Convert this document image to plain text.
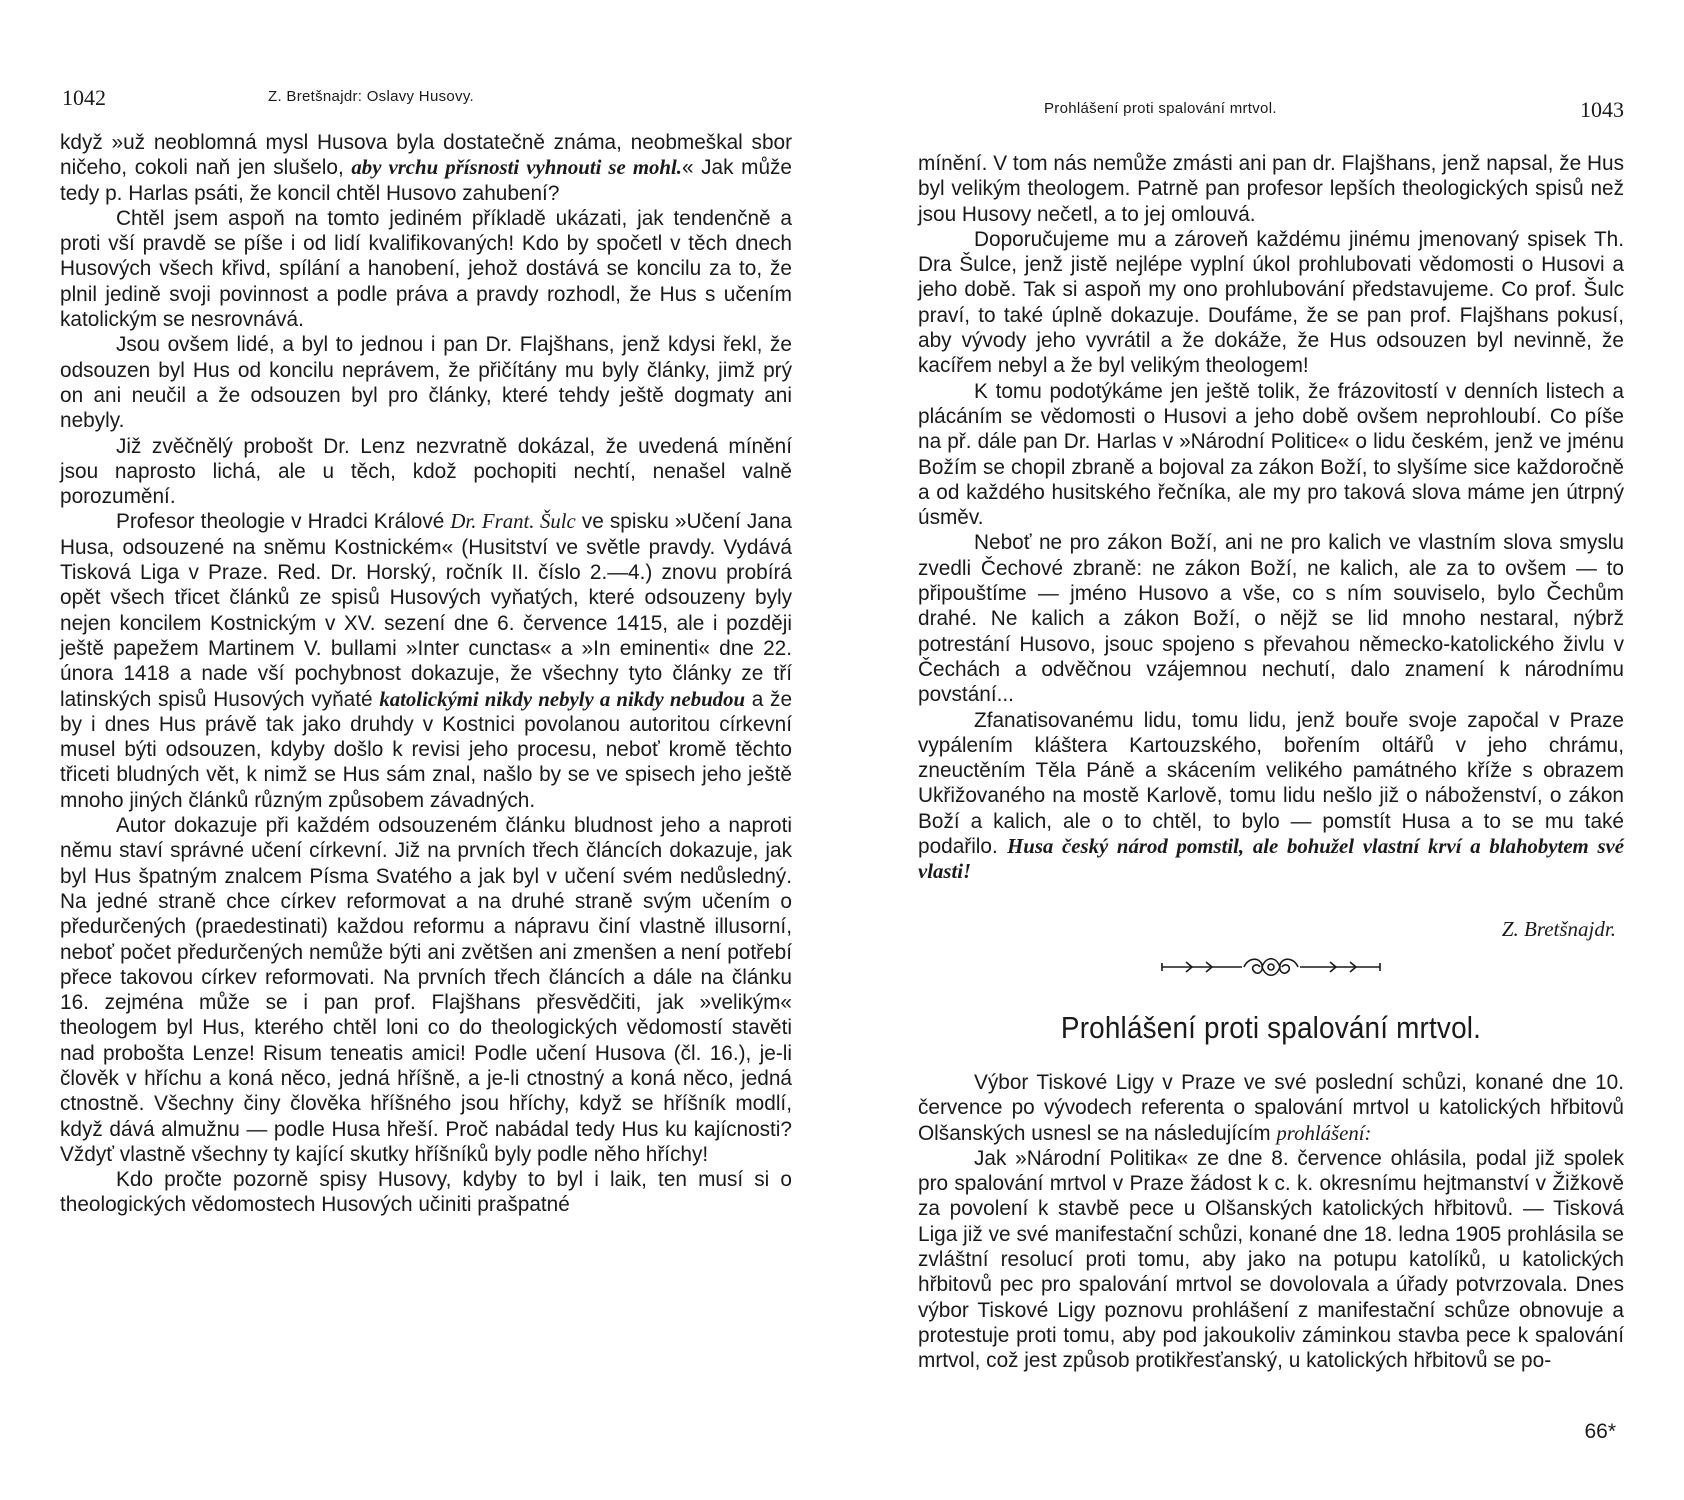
1042	Z. Bretšnajdr: Oslavy Husovy.

když »už neoblomná mysl Husova byla dostatečně známa, neobmeškal sbor ničeho, cokoli naň jen slušelo, aby vrchu přísnosti vyhnouti se mohl.« Jak může tedy p. Harlas psáti, že koncil chtěl Husovo zahubení?

Chtěl jsem aspoň na tomto jediném příkladě ukázati, jak tendenčně a proti vší pravdě se píše i od lidí kvalifikovaných! Kdo by spočetl v těch dnech Husových všech křivd, spílání a hanobení, jehož dostává se koncilu za to, že plnil jedině svoji povinnost a podle práva a pravdy rozhodl, že Hus s učením katolickým se nesrovnává.

Jsou ovšem lidé, a byl to jednou i pan Dr. Flajšhans, jenž kdysi řekl, že odsouzen byl Hus od koncilu neprávem, že přičítány mu byly články, jimž prý on ani neučil a že odsouzen byl pro články, které tehdy ještě dogmaty ani nebyly.

Již zvěčnělý probošt Dr. Lenz nezvratně dokázal, že uvedená mínění jsou naprosto lichá, ale u těch, kdož pochopiti nechtí, nenašel valně porozumění.

Profesor theologie v Hradci Králové Dr. Frant. Šulc ve spisku »Učení Jana Husa, odsouzené na sněmu Kostnickém« (Husitství ve světle pravdy. Vydává Tisková Liga v Praze. Red. Dr. Horský, ročník II. číslo 2.—4.) znovu probírá opět všech třicet článků ze spisů Husových vyňatých, které odsouzeny byly nejen koncilem Kostnickým v XV. sezení dne 6. července 1415, ale i později ještě papežem Martinem V. bullami »Inter cunctas« a »In eminenti« dne 22. února 1418 a nade vší pochybnost dokazuje, že všechny tyto články ze tří latinských spisů Husových vyňaté katolickými nikdy nebyly a nikdy nebudou a že by i dnes Hus právě tak jako druhdy v Kostnici povolanou autoritou církevní musel býti odsouzen, kdyby došlo k revisi jeho procesu, neboť kromě těchto třiceti bludných vět, k nimž se Hus sám znal, našlo by se ve spisech jeho ještě mnoho jiných článků různým způsobem závadných.

Autor dokazuje při každém odsouzeném článku bludnost jeho a naproti němu staví správné učení církevní. Již na prvních třech článcích dokazuje, jak byl Hus špatným znalcem Písma Svatého a jak byl v učení svém nedůsledný. Na jedné straně chce církev reformovat a na druhé straně svým učením o předurčených (praedestinati) každou reformu a nápravu činí vlastně illusorní, neboť počet předurčených nemůže býti ani zvětšen ani zmenšen a není potřebí přece takovou církev reformovati. Na prvních třech článcích a dále na článku 16. zejména může se i pan prof. Flajšhans přesvědčiti, jak »velikým« theologem byl Hus, kterého chtěl loni co do theologických vědomostí stavěti nad probošta Lenze! Risum teneatis amici! Podle učení Husova (čl. 16.), je-li člověk v hříchu a koná něco, jedná hříšně, a je-li ctnostný a koná něco, jedná ctnostně. Všechny činy člověka hříšného jsou hříchy, když se hříšník modlí, když dává almužnu — podle Husa hřeší. Proč nabádal tedy Hus ku kajícnosti? Vždyť vlastně všechny ty kající skutky hříšníků byly podle něho hříchy!

Kdo pročte pozorně spisy Husovy, kdyby to byl i laik, ten musí si o theologických vědomostech Husových učiniti prašpatné

Prohlášení proti spalování mrtvol.	1043

mínění. V tom nás nemůže zmásti ani pan dr. Flajšhans, jenž napsal, že Hus byl velikým theologem. Patrně pan profesor lepších theologických spisů než jsou Husovy nečetl, a to jej omlouvá.

Doporučujeme mu a zároveň každému jinému jmenovaný spisek Th. Dra Šulce, jenž jistě nejlépe vyplní úkol prohlubovati vědomosti o Husovi a jeho době. Tak si aspoň my ono prohlubování představujeme. Co prof. Šulc praví, to také úplně dokazuje. Doufáme, že se pan prof. Flajšhans pokusí, aby vývody jeho vyvrátil a že dokáže, že Hus odsouzen byl nevinně, že kacířem nebyl a že byl velikým theologem!

K tomu podotýkáme jen ještě tolik, že frázovitostí v denních listech a plácáním se vědomosti o Husovi a jeho době ovšem neprohloubí. Co píše na př. dále pan Dr. Harlas v »Národní Politice« o lidu českém, jenž ve jménu Božím se chopil zbraně a bojoval za zákon Boží, to slyšíme sice každoročně a od každého husitského řečníka, ale my pro taková slova máme jen útrpný úsměv.

Neboť ne pro zákon Boží, ani ne pro kalich ve vlastním slova smyslu zvedli Čechové zbraně: ne zákon Boží, ne kalich, ale za to ovšem — to připouštíme — jméno Husovo a vše, co s ním souviselo, bylo Čechům drahé. Ne kalich a zákon Boží, o nějž se lid mnoho nestaral, nýbrž potrestání Husovo, jsouc spojeno s převahou německo-katolického živlu v Čechách a odvěčnou vzájemnou nechutí, dalo znamení k národnímu povstání...

Zfanatisovanému lidu, tomu lidu, jenž bouře svoje započal v Praze vypálením kláštera Kartouzského, bořením oltářů v jeho chrámu, zneuctěním Těla Páně a skácením velikého památného kříže s obrazem Ukřižovaného na mostě Karlově, tomu lidu nešlo již o náboženství, o zákon Boží a kalich, ale o to chtěl, to bylo — pomstít Husa a to se mu také podařilo. Husa český národ pomstil, ale bohužel vlastní krví a blahobytem své vlasti!

Z. Bretšnajdr.
Prohlášení proti spalování mrtvol.

Výbor Tiskové Ligy v Praze ve své poslední schůzi, konané dne 10. července po vývodech referenta o spalování mrtvol u katolických hřbitovů Olšanských usnesl se na následujícím prohlášení:

Jak »Národní Politika« ze dne 8. července ohlásila, podal již spolek pro spalování mrtvol v Praze žádost k c. k. okresnímu hejtmanství v Žižkově za povolení k stavbě pece u Olšanských katolických hřbitovů. — Tisková Liga již ve své manifestační schůzi, konané dne 18. ledna 1905 prohlásila se zvláštní resolucí proti tomu, aby jako na potupu katolíků, u katolických hřbitovů pec pro spalování mrtvol se dovolovala a úřady potvrzovala. Dnes výbor Tiskové Ligy poznovu prohlášení z manifestační schůze obnovuje a protestuje proti tomu, aby pod jakoukoliv záminkou stavba pece k spalování mrtvol, což jest způsob protikřesťanský, u katolických hřbitovů se po-

66*
